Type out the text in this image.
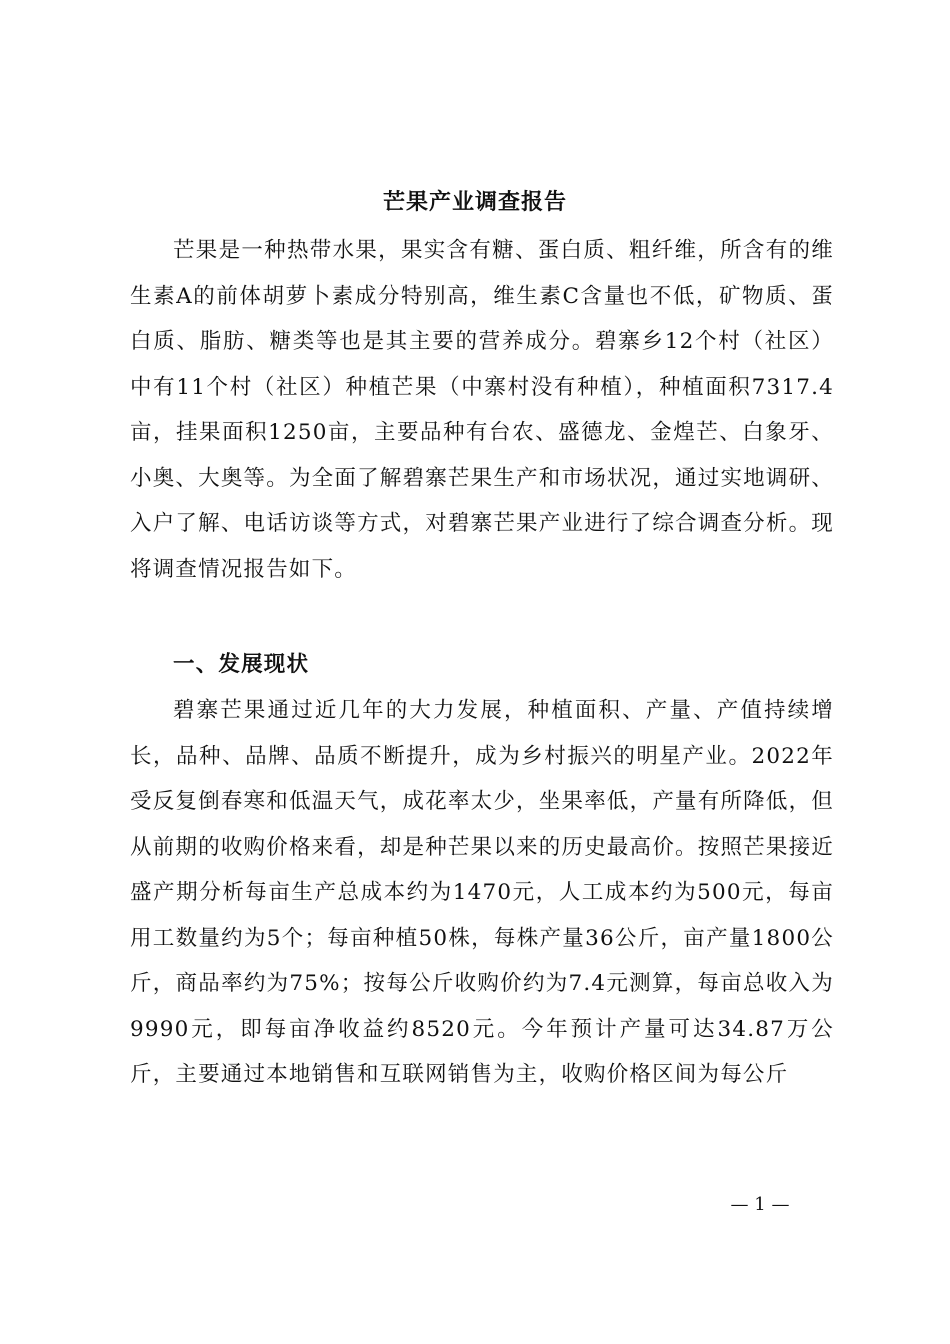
芒果产业调查报告

芒果是一种热带水果，果实含有糖、蛋白质、粗纤维，所含有的维生素A的前体胡萝卜素成分特别高，维生素C含量也不低，矿物质、蛋白质、脂肪、糖类等也是其主要的营养成分。碧寨乡12个村（社区）中有11个村（社区）种植芒果（中寨村没有种植），种植面积7317.4亩，挂果面积1250亩，主要品种有台农、盛德龙、金煌芒、白象牙、小奥、大奥等。为全面了解碧寨芒果生产和市场状况，通过实地调研、入户了解、电话访谈等方式，对碧寨芒果产业进行了综合调查分析。现将调查情况报告如下。

一、发展现状

碧寨芒果通过近几年的大力发展，种植面积、产量、产值持续增长，品种、品牌、品质不断提升，成为乡村振兴的明星产业。2022年受反复倒春寒和低温天气，成花率太少，坐果率低，产量有所降低，但从前期的收购价格来看，却是种芒果以来的历史最高价。按照芒果接近盛产期分析每亩生产总成本约为1470元，人工成本约为500元，每亩用工数量约为5个；每亩种植50株，每株产量36公斤，亩产量1800公斤，商品率约为75%；按每公斤收购价约为7.4元测算，每亩总收入为9990元，即每亩净收益约8520元。今年预计产量可达34.87万公斤，主要通过本地销售和互联网销售为主，收购价格区间为每公斤

— 1 —
